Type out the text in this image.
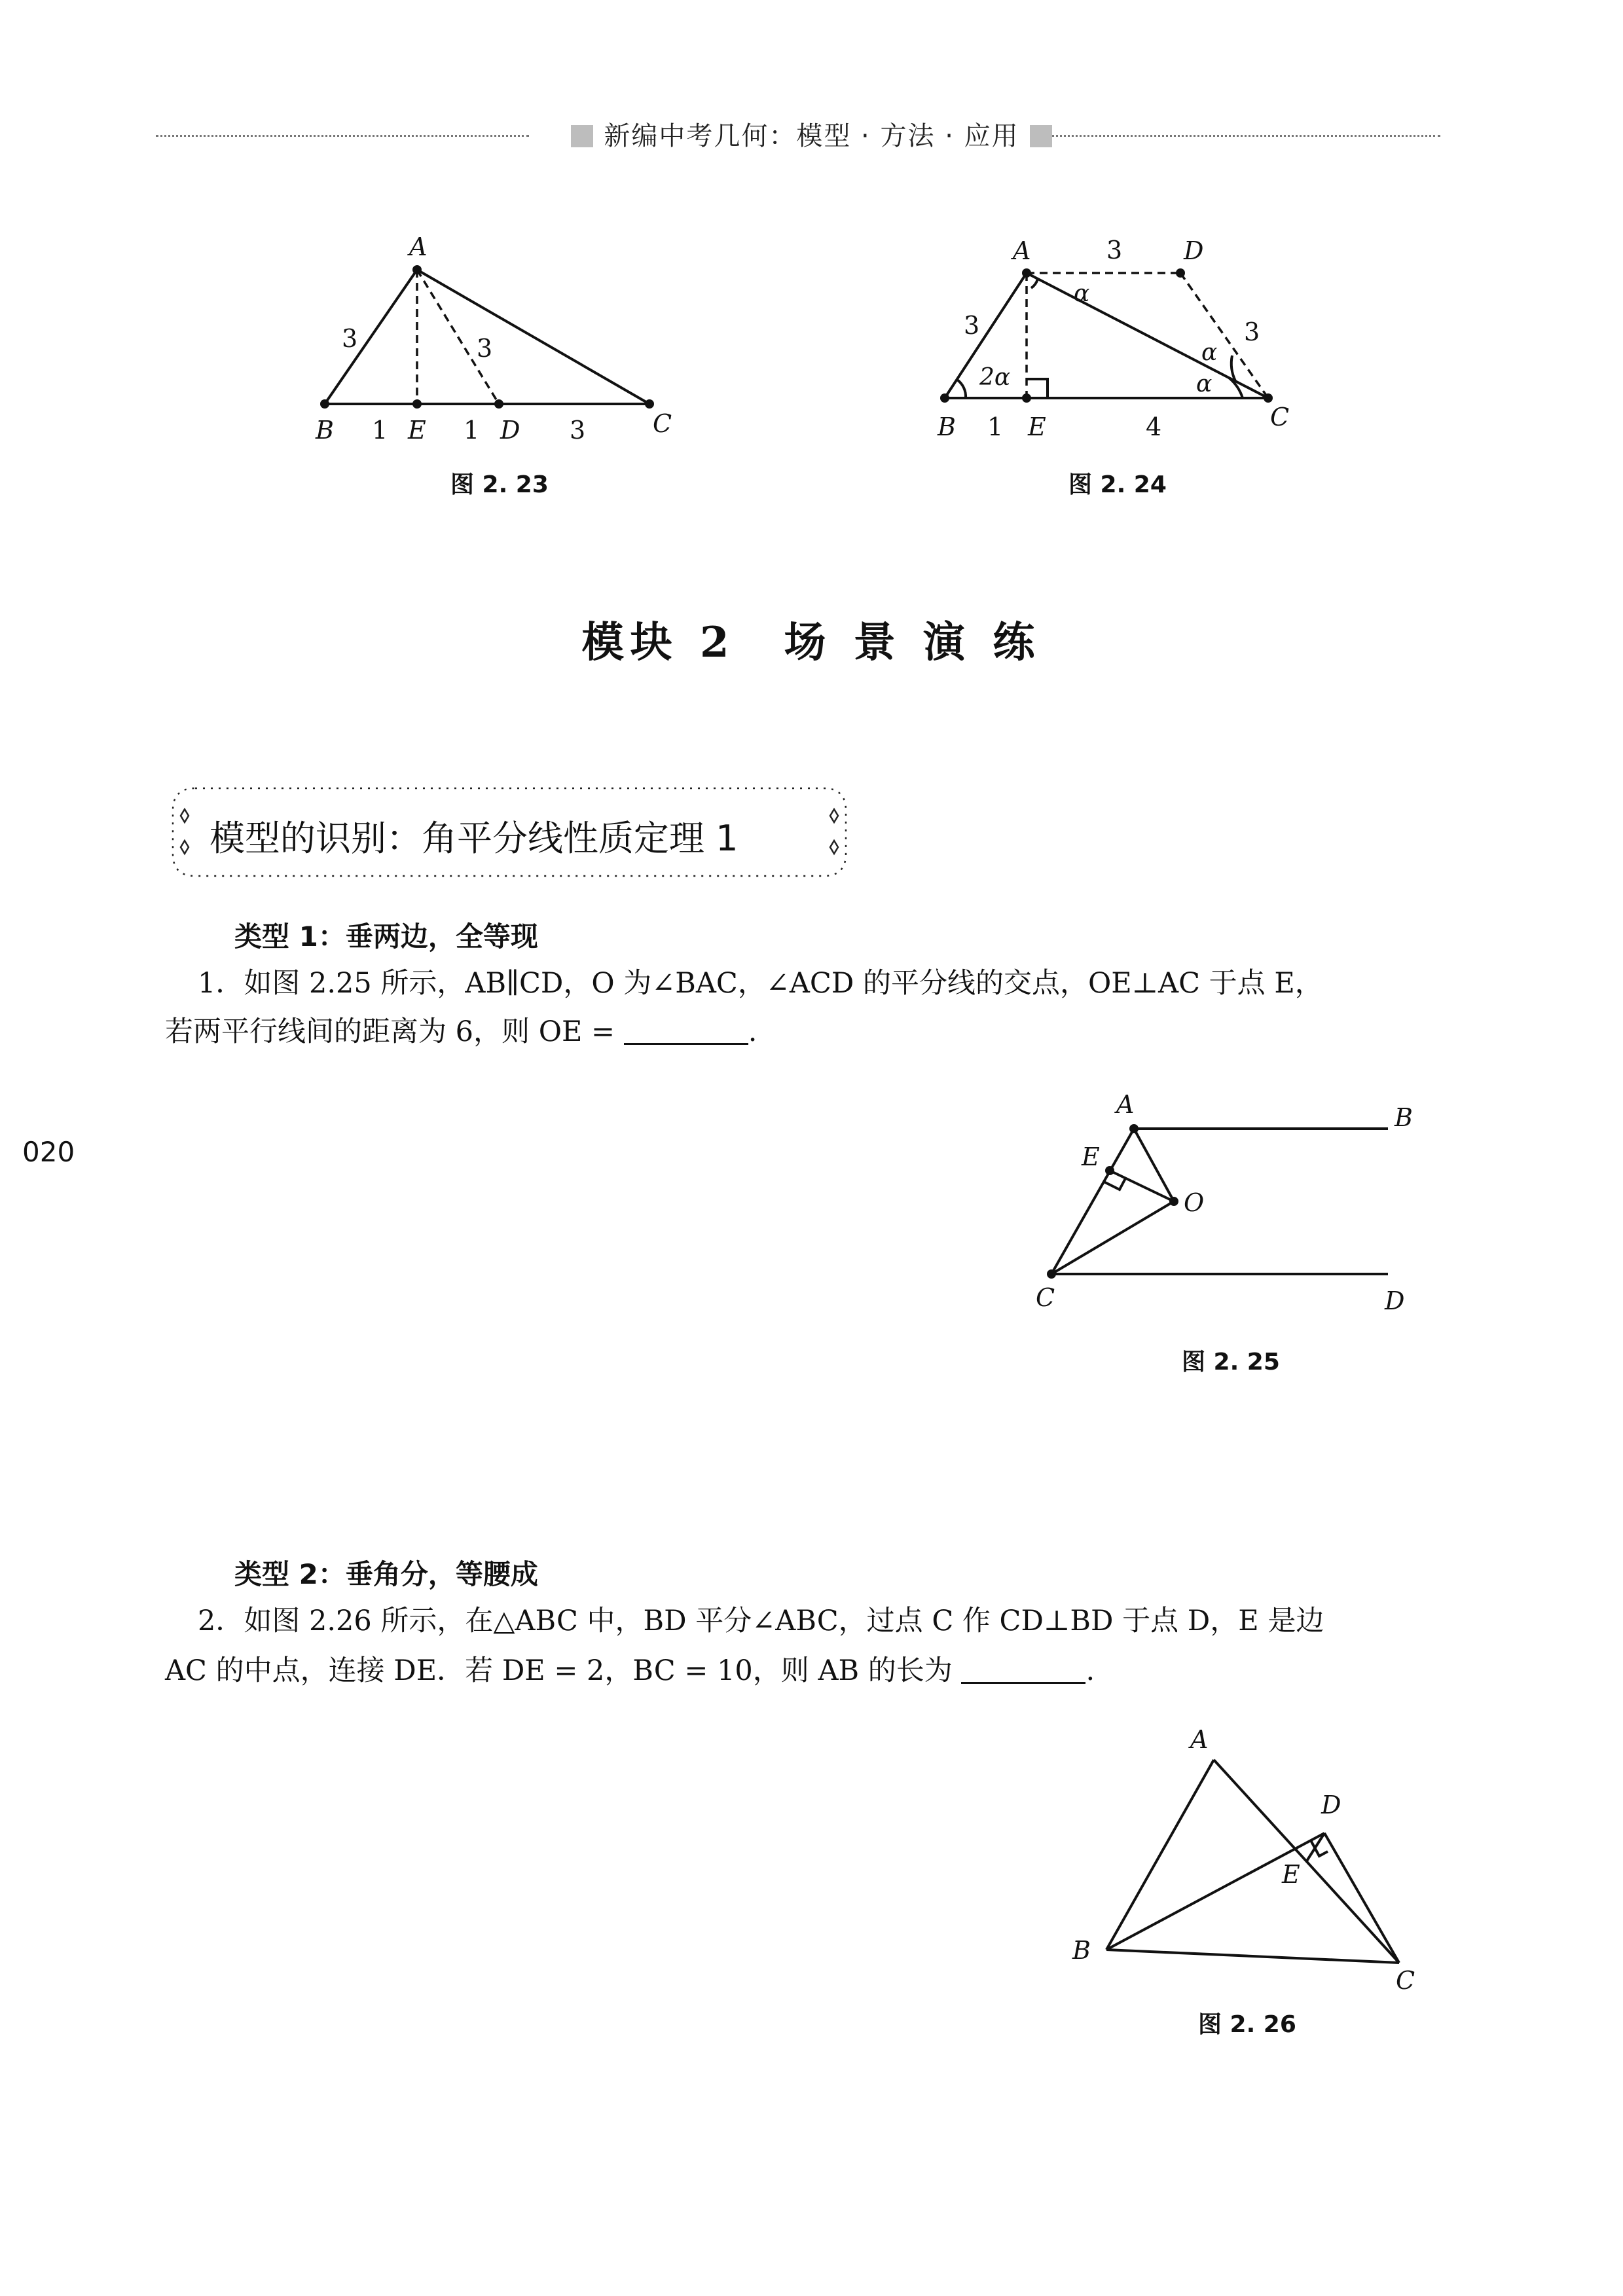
新编中考几何：模型 · 方法 · 应用
A
B	E	D	C
3	3
1	1	3
图 2. 23
A	D
B	E	C
3
3	3
1	4
α
α
α
2α
图 2. 24
模块 2　场 景 演 练
模型的识别：角平分线性质定理 1
类型 1：垂两边，全等现
1．如图 2.25 所示，AB∥CD，O 为∠BAC，∠ACD 的平分线的交点，OE⊥AC 于点 E，
若两平行线间的距离为 6，则 OE =	.
020
A	B
E
O
C	D
图 2. 25
类型 2：垂角分，等腰成
2．如图 2.26 所示，在△ABC 中，BD 平分∠ABC，过点 C 作 CD⊥BD 于点 D，E 是边
AC 的中点，连接 DE．若 DE = 2，BC = 10，则 AB 的长为	.
A
D
E
B
C
图 2. 26
